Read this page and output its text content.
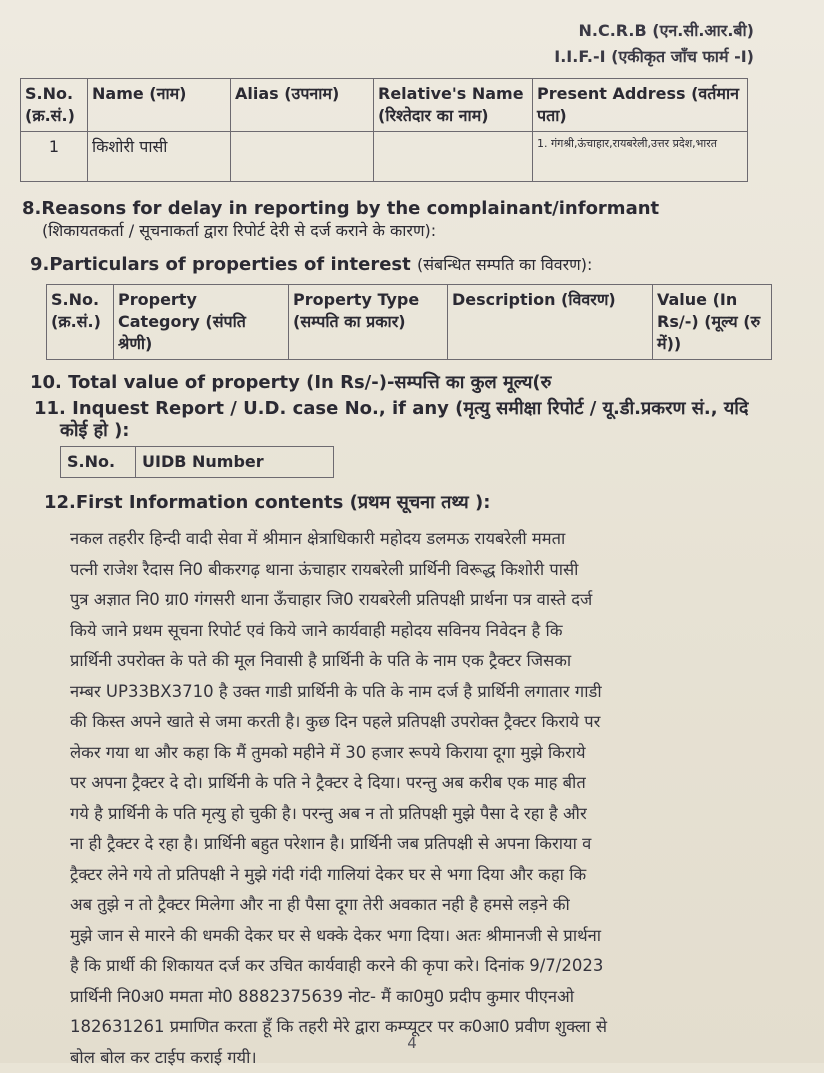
N.C.R.B (एन.सी.आर.बी)
I.I.F.-I (एकीकृत जाँच फार्म -I)
S.No. (क्र.सं.)	Name (नाम)	Alias (उपनाम)	Relative's Name (रिश्तेदार का नाम)	Present Address (वर्तमान पता)
1	किशोरी पासी			1. गंगश्री,ऊंचाहार,रायबरेली,उत्तर प्रदेश,भारत
8.Reasons for delay in reporting by the complainant/informant
(शिकायतकर्ता / सूचनाकर्ता द्वारा रिपोर्ट देरी से दर्ज कराने के कारण):
9.Particulars of properties of interest (संबन्धित सम्पति का विवरण):
S.No. (क्र.सं.)	Property Category (संपति श्रेणी)	Property Type (सम्पति का प्रकार)	Description (विवरण)	Value (In Rs/-) (मूल्य (रु में))
10. Total value of property (In Rs/-)-सम्पत्ति का कुल मूल्य(रु
11. Inquest Report / U.D. case No., if any (मृत्यु समीक्षा रिपोर्ट / यू.डी.प्रकरण सं., यदि
कोई हो ):
S.No.	UIDB Number
12.First Information contents (प्रथम सूचना तथ्य ):
नकल तहरीर हिन्दी वादी सेवा में श्रीमान क्षेत्राधिकारी महोदय डलमऊ रायबरेली ममता
पत्नी राजेश रैदास नि0 बीकरगढ़ थाना ऊंचाहार रायबरेली प्रार्थिनी विरूद्ध किशोरी पासी
पुत्र अज्ञात नि0 ग्रा0 गंगसरी थाना ऊँचाहार जि0 रायबरेली प्रतिपक्षी प्रार्थना पत्र वास्ते दर्ज
किये जाने प्रथम सूचना रिपोर्ट एवं किये जाने कार्यवाही महोदय सविनय निवेदन है कि
प्रार्थिनी उपरोक्त के पते की मूल निवासी है प्रार्थिनी के पति के नाम एक ट्रैक्टर जिसका
नम्बर UP33BX3710 है उक्त गाडी प्रार्थिनी के पति के नाम दर्ज है प्रार्थिनी लगातार गाडी
की किस्त अपने खाते से जमा करती है। कुछ दिन पहले प्रतिपक्षी उपरोक्त ट्रैक्टर किराये पर
लेकर गया था और कहा कि मैं तुमको महीने में 30 हजार रूपये किराया दूगा मुझे किराये
पर अपना ट्रैक्टर दे दो। प्रार्थिनी के पति ने ट्रैक्टर दे दिया। परन्तु अब करीब एक माह बीत
गये है प्रार्थिनी के पति मृत्यु हो चुकी है। परन्तु अब न तो प्रतिपक्षी मुझे पैसा दे रहा है और
ना ही ट्रैक्टर दे रहा है। प्रार्थिनी बहुत परेशान है। प्रार्थिनी जब प्रतिपक्षी से अपना किराया व
ट्रैक्टर लेने गये तो प्रतिपक्षी ने मुझे गंदी गंदी गालियां देकर घर से भगा दिया और कहा कि
अब तुझे न तो ट्रैक्टर मिलेगा और ना ही पैसा दूगा तेरी अवकात नही है हमसे लड़ने की
मुझे जान से मारने की धमकी देकर घर से धक्के देकर भगा दिया। अतः श्रीमानजी से प्रार्थना
है कि प्रार्थी की शिकायत दर्ज कर उचित कार्यवाही करने की कृपा करे। दिनांक 9/7/2023
प्रार्थिनी नि0अ0 ममता मो0 8882375639 नोट- मैं का0मु0 प्रदीप कुमार पीएनओ
182631261 प्रमाणित करता हूँ कि तहरी मेरे द्वारा कम्प्यूटर पर क0आ0 प्रवीण शुक्ला से
बोल बोल कर टाईप कराई गयी।
4
